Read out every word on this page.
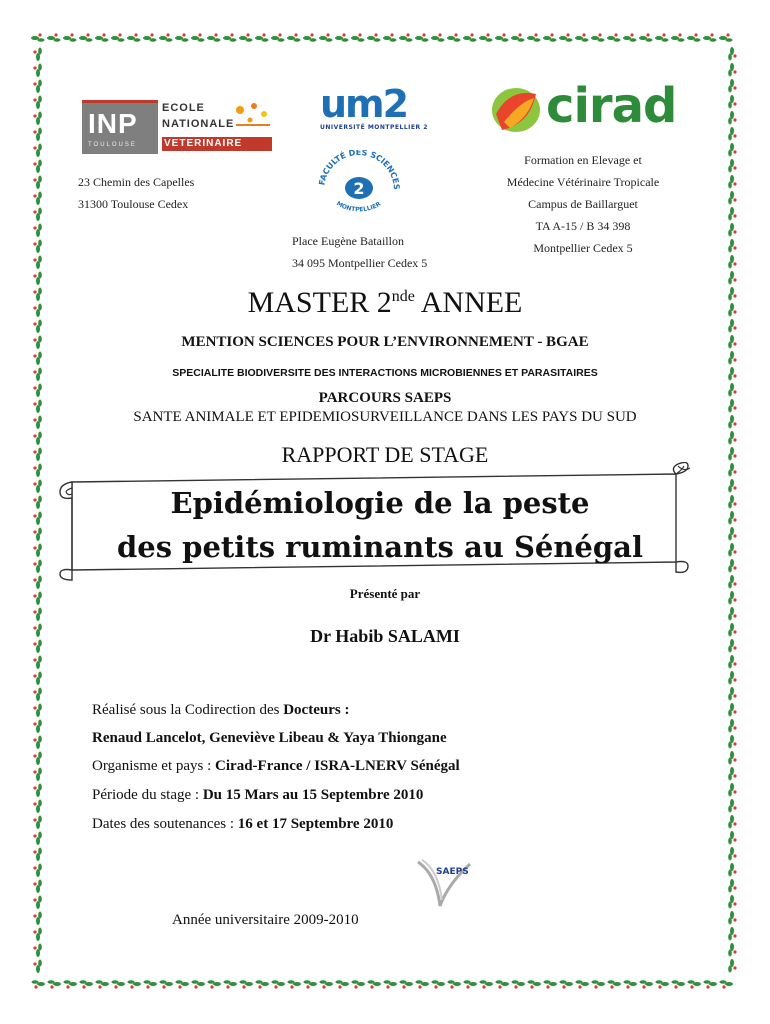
INP
TOULOUSE
ECOLE
NATIONALE
VETERINAIRE
um2
UNIVERSITÉ MONTPELLIER 2
FACULTÉ DES SCIENCES
2
MONTPELLIER
cirad
23 Chemin des Capelles
31300 Toulouse Cedex
Place Eugène Bataillon
34 095 Montpellier Cedex 5
Formation en Elevage et
Médecine Vétérinaire Tropicale
Campus de Baillarguet
TA A-15 / B 34 398
Montpellier Cedex 5
MASTER 2nde ANNEE
MENTION SCIENCES POUR L’ENVIRONNEMENT - BGAE
SPECIALITE BIODIVERSITE DES INTERACTIONS MICROBIENNES ET PARASITAIRES
PARCOURS SAEPS
SANTE ANIMALE ET EPIDEMIOSURVEILLANCE DANS LES PAYS DU SUD
RAPPORT DE STAGE
Epidémiologie de la peste
des petits ruminants au Sénégal
Présenté par
Dr Habib SALAMI
Réalisé sous la Codirection des Docteurs :
Renaud Lancelot, Geneviève Libeau & Yaya Thiongane
Organisme et pays : Cirad-France / ISRA-LNERV Sénégal
Période du stage : Du 15 Mars au 15 Septembre 2010
Dates des soutenances : 16 et 17 Septembre 2010
SAEPS
Année universitaire 2009-2010
